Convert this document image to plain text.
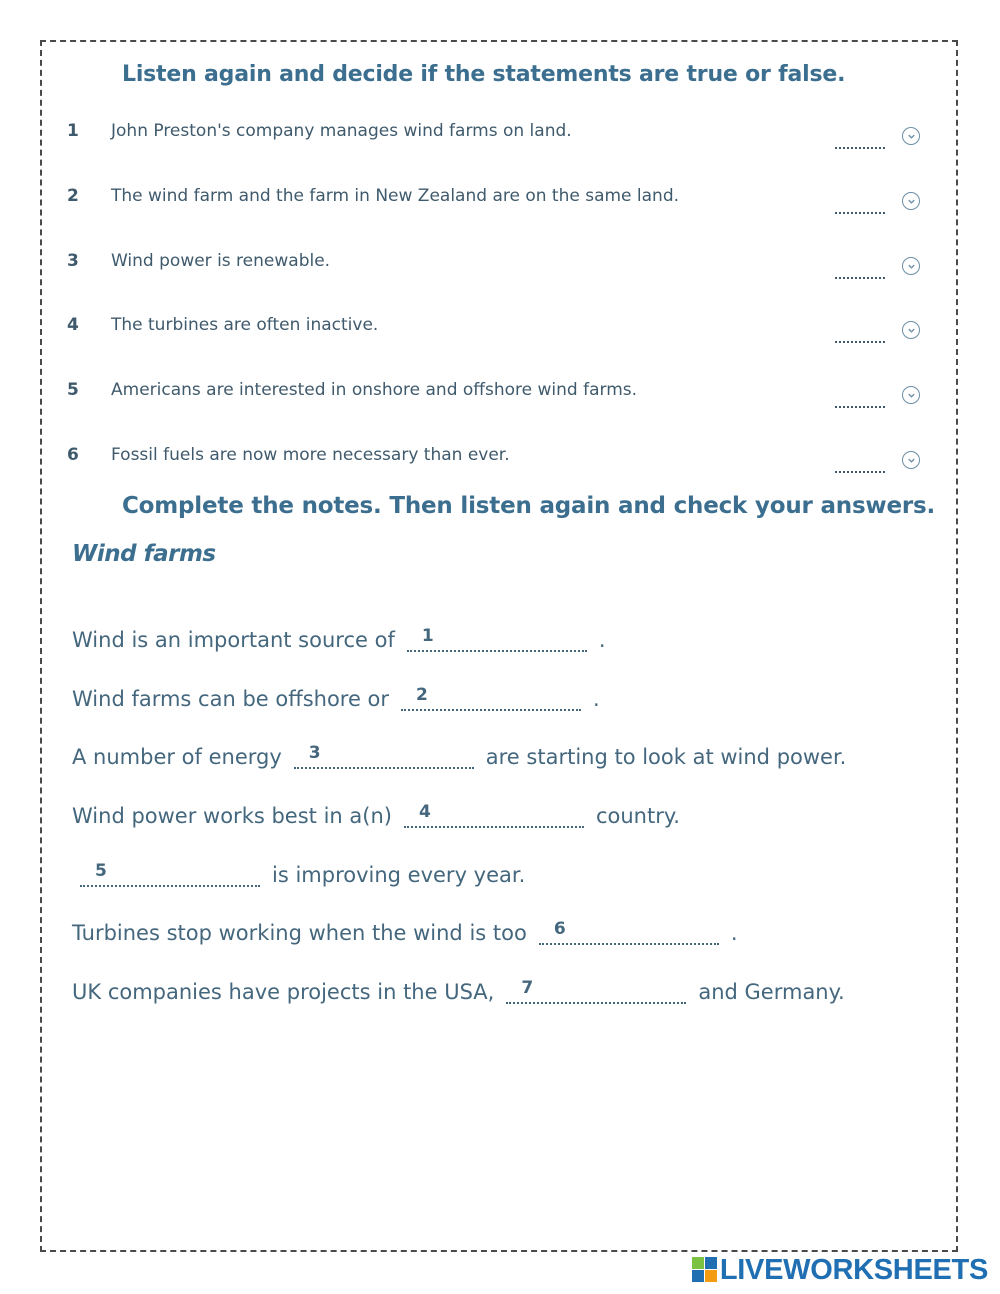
Listen again and decide if the statements are true or false.
1 John Preston's company manages wind farms on land.
2 The wind farm and the farm in New Zealand are on the same land.
3 Wind power is renewable.
4 The turbines are often inactive.
5 Americans are interested in onshore and offshore wind farms.
6 Fossil fuels are now more necessary than ever.
Complete the notes. Then listen again and check your answers.
Wind farms
Wind is an important source of 1	.
Wind farms can be offshore or 2	.
A number of energy 3	are starting to look at wind power.
Wind power works best in a(n) 4	country.
5	is improving every year.
Turbines stop working when the wind is too 6	.
UK companies have projects in the USA, 7	and Germany.
LIVEWORKSHEETS
